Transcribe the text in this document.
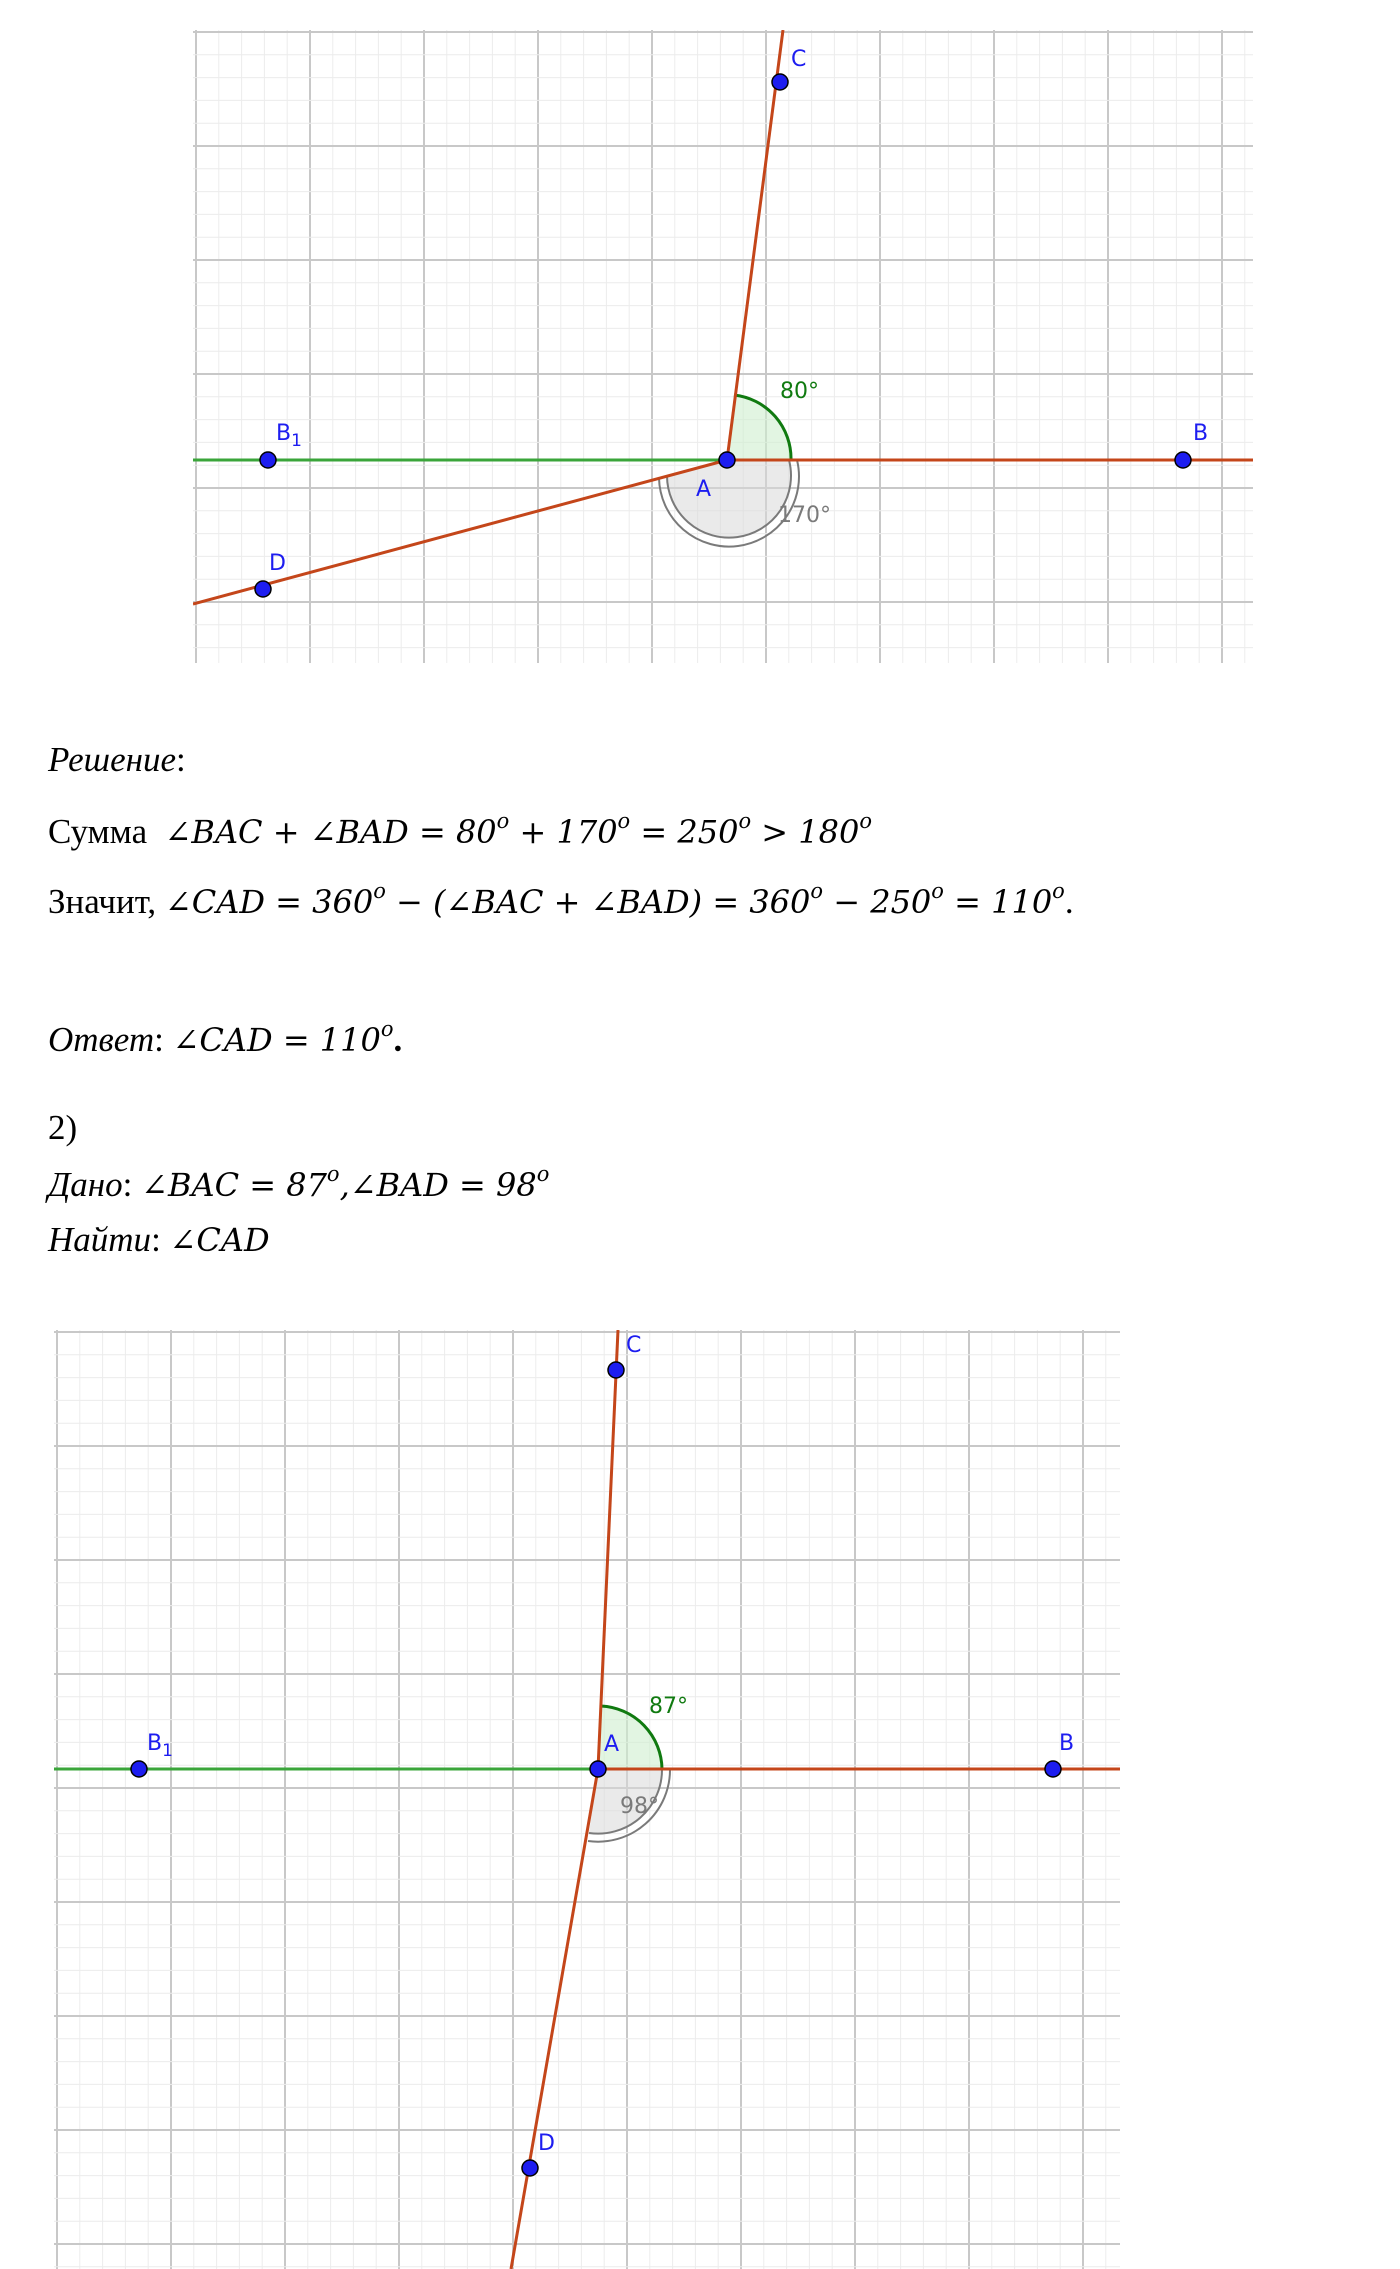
A
B
$B_1$
C
D
80°
170°
Решение:
Сумма ∠BAC + ∠BAD = $80^o + 170^o = 250^o > 180^o$
Значит, ∠CAD = $360^o$ − (∠BAC + ∠BAD) = $360^o - 250^o = 110^o$.
Ответ: ∠CAD = $110^o$.
2)
Дано: ∠BAC = $87^o,\angle BAD = 98^o$
Найти: ∠CAD
A	B
$B_1$
C
D
87°
98°
